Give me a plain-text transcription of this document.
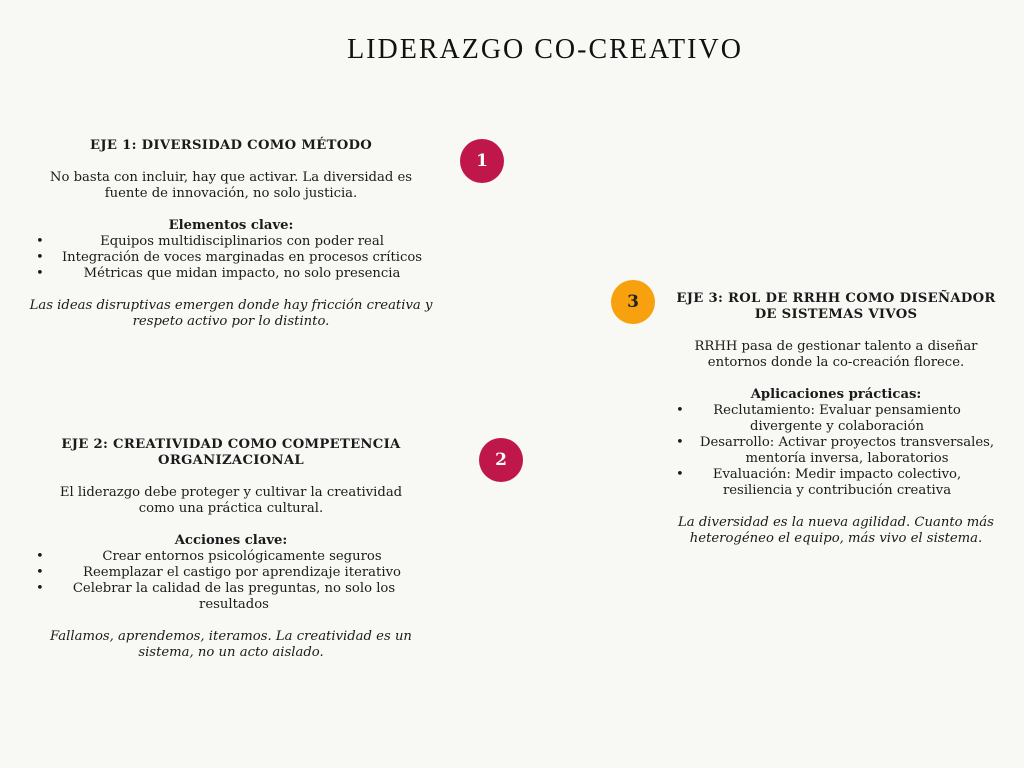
LIDERAZGO CO-CREATIVO
1
2
3
EJE 1: DIVERSIDAD COMO MÉTODO

No basta con incluir, hay que activar. La diversidad es fuente de innovación, no solo justicia.

Elementos clave:

• Equipos multidisciplinarios con poder real
• Integración de voces marginadas en procesos críticos
• Métricas que midan impacto, no solo presencia

Las ideas disruptivas emergen donde hay fricción creativa y respeto activo por lo distinto.

EJE 2: CREATIVIDAD COMO COMPETENCIA ORGANIZACIONAL

El liderazgo debe proteger y cultivar la creatividad como una práctica cultural.

Acciones clave:

• Crear entornos psicológicamente seguros
• Reemplazar el castigo por aprendizaje iterativo
• Celebrar la calidad de las preguntas, no solo los resultados

Fallamos, aprendemos, iteramos. La creatividad es un sistema, no un acto aislado.

EJE 3: ROL DE RRHH COMO DISEÑADOR DE SISTEMAS VIVOS

RRHH pasa de gestionar talento a diseñar entornos donde la co-creación florece.

Aplicaciones prácticas:

• Reclutamiento: Evaluar pensamiento divergente y colaboración
• Desarrollo: Activar proyectos transversales, mentoría inversa, laboratorios
• Evaluación: Medir impacto colectivo, resiliencia y contribución creativa

La diversidad es la nueva agilidad. Cuanto más heterogéneo el equipo, más vivo el sistema.
